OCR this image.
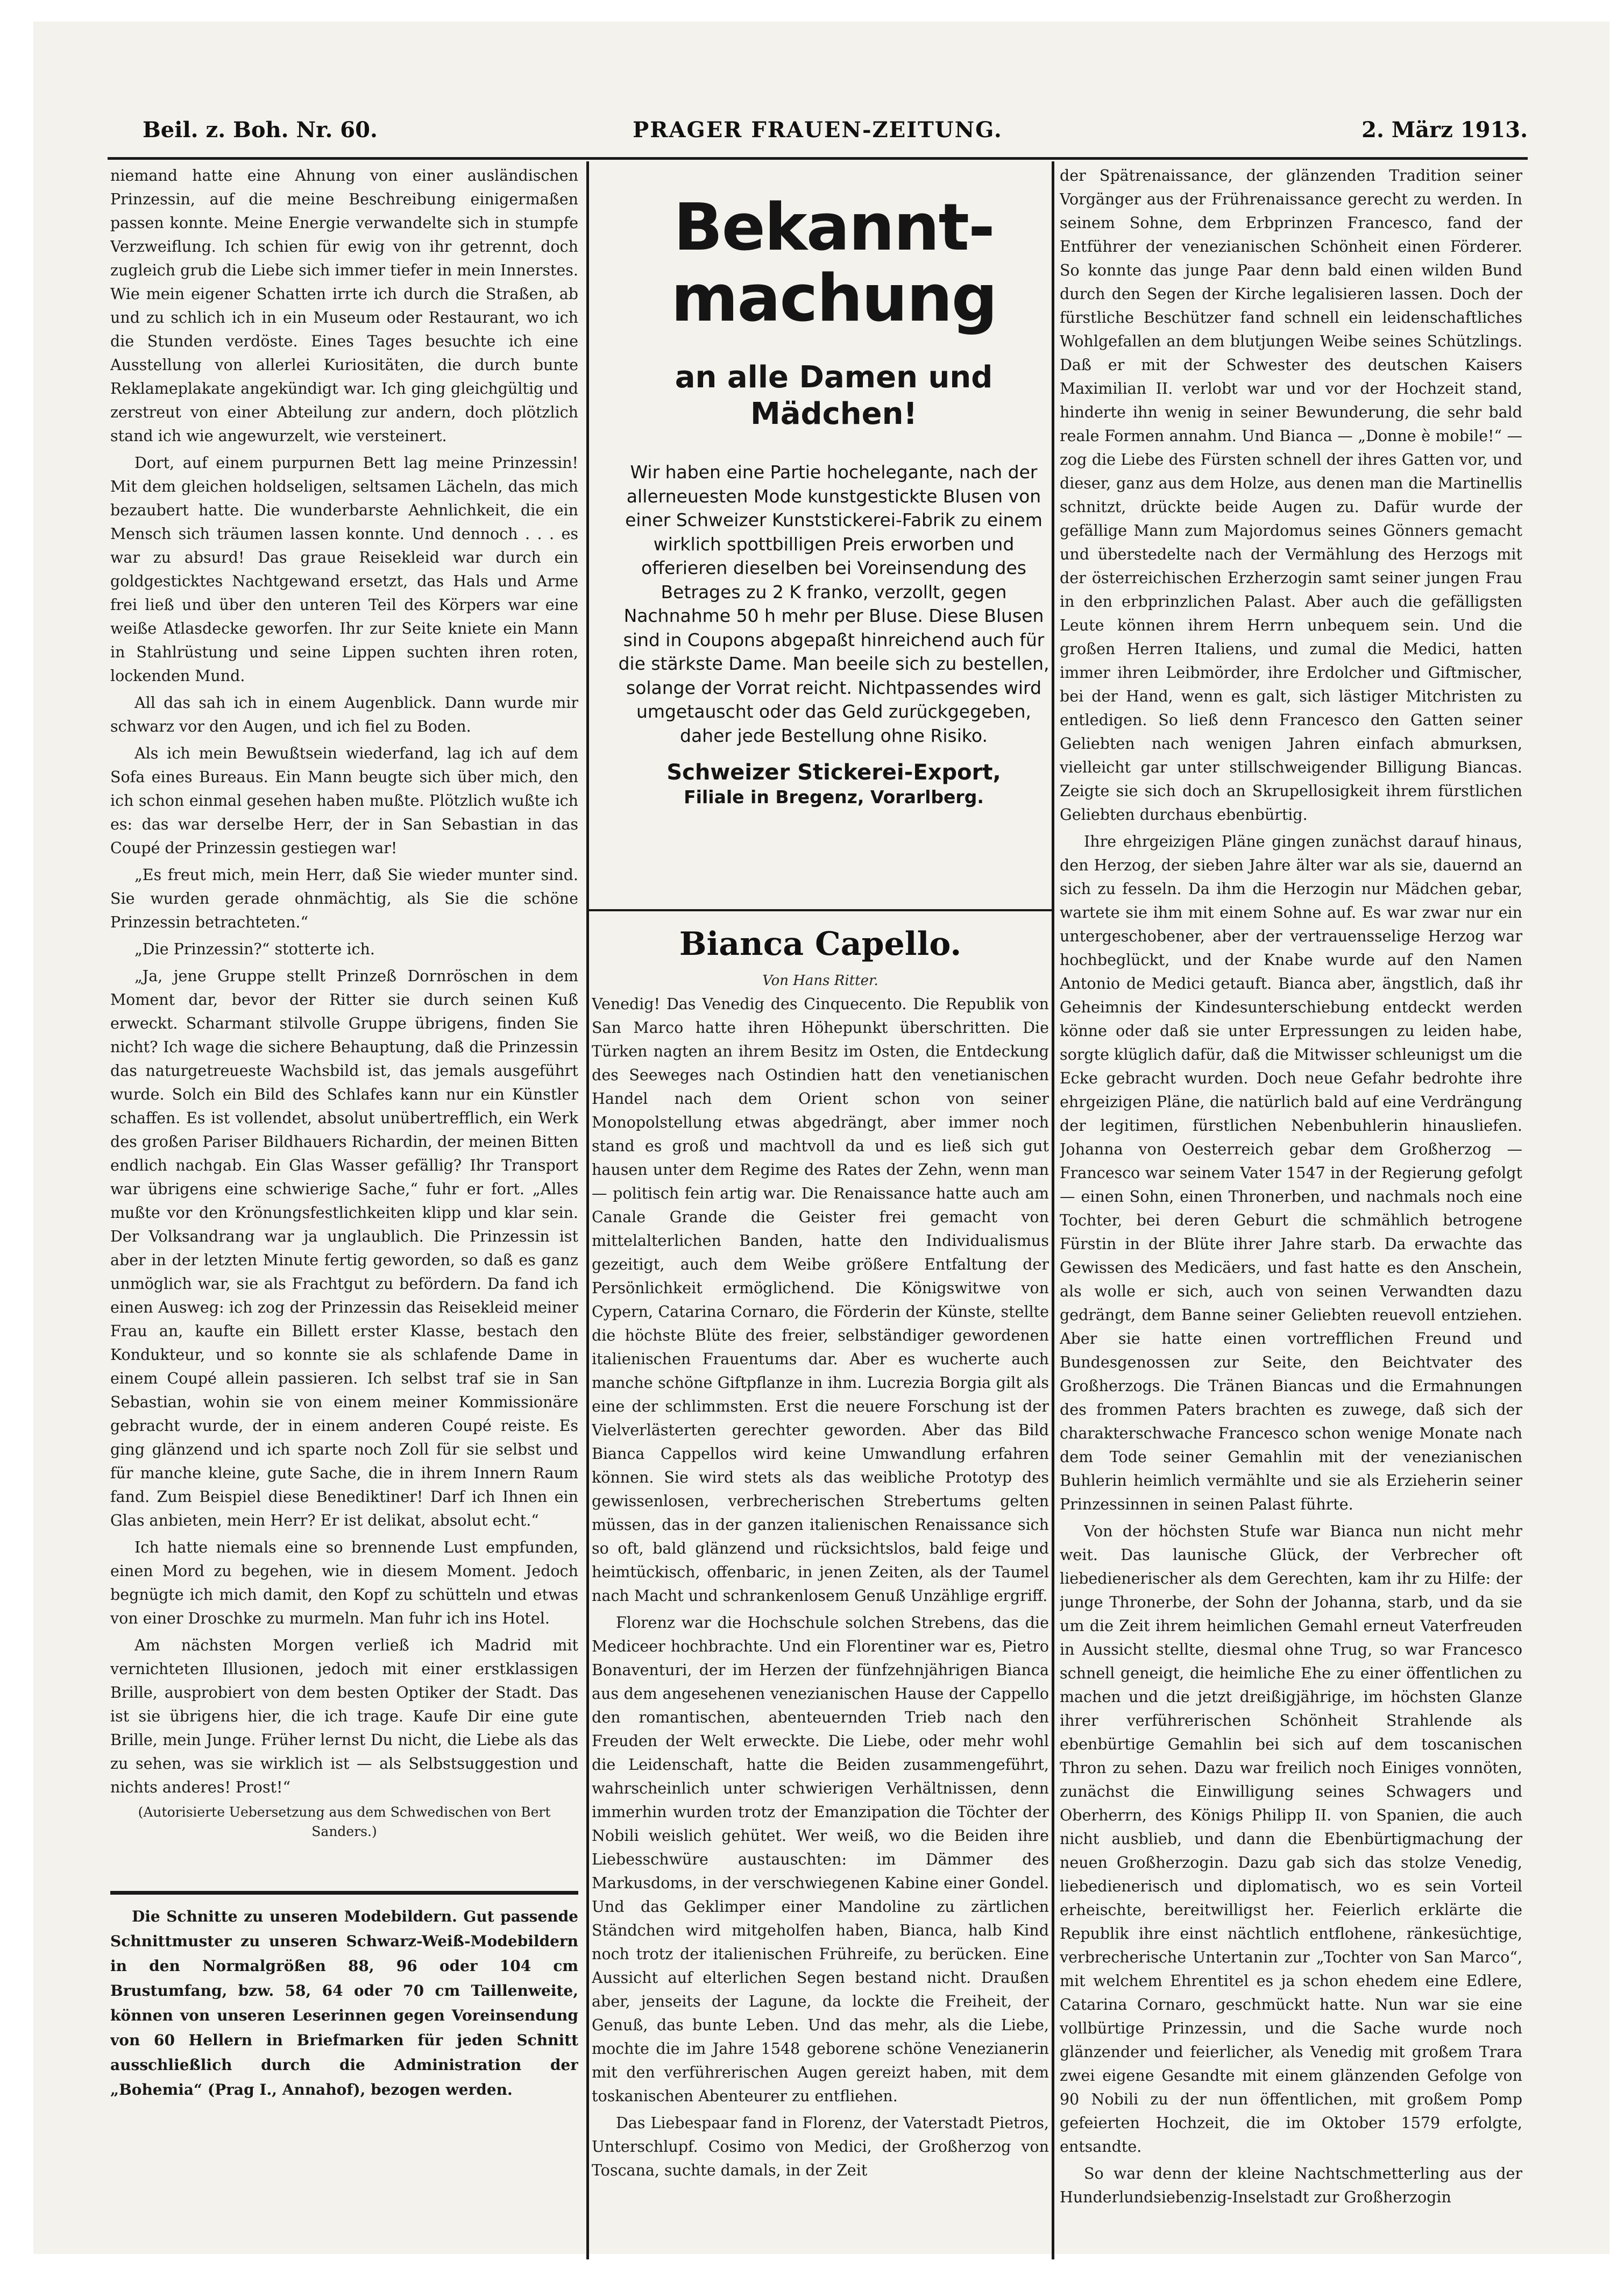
Beil. z. Boh. Nr. 60.	PRAGER FRAUEN-ZEITUNG.	2. März 1913.

niemand hatte eine Ahnung von einer ausländischen Prinzessin, auf die meine Beschreibung einigermaßen passen konnte. Meine Energie verwandelte sich in stumpfe Verzweiflung. Ich schien für ewig von ihr getrennt, doch zugleich grub die Liebe sich immer tiefer in mein Innerstes. Wie mein eigener Schatten irrte ich durch die Straßen, ab und zu schlich ich in ein Museum oder Restaurant, wo ich die Stunden verdöste. Eines Tages besuchte ich eine Ausstellung von allerlei Kuriositäten, die durch bunte Reklameplakate angekündigt war. Ich ging gleichgültig und zerstreut von einer Abteilung zur andern, doch plötzlich stand ich wie angewurzelt, wie versteinert.

Dort, auf einem purpurnen Bett lag meine Prinzessin! Mit dem gleichen holdseligen, seltsamen Lächeln, das mich bezaubert hatte. Die wunderbarste Aehnlichkeit, die ein Mensch sich träumen lassen konnte. Und dennoch . . . es war zu absurd! Das graue Reisekleid war durch ein goldgesticktes Nachtgewand ersetzt, das Hals und Arme frei ließ und über den unteren Teil des Körpers war eine weiße Atlasdecke geworfen. Ihr zur Seite kniete ein Mann in Stahlrüstung und seine Lippen suchten ihren roten, lockenden Mund.

All das sah ich in einem Augenblick. Dann wurde mir schwarz vor den Augen, und ich fiel zu Boden.

Als ich mein Bewußtsein wiederfand, lag ich auf dem Sofa eines Bureaus. Ein Mann beugte sich über mich, den ich schon einmal gesehen haben mußte. Plötzlich wußte ich es: das war derselbe Herr, der in San Sebastian in das Coupé der Prinzessin gestiegen war!

„Es freut mich, mein Herr, daß Sie wieder munter sind. Sie wurden gerade ohnmächtig, als Sie die schöne Prinzessin betrachteten.“

„Die Prinzessin?“ stotterte ich.

„Ja, jene Gruppe stellt Prinzeß Dornröschen in dem Moment dar, bevor der Ritter sie durch seinen Kuß erweckt. Scharmant stilvolle Gruppe übrigens, finden Sie nicht? Ich wage die sichere Behauptung, daß die Prinzessin das naturgetreueste Wachsbild ist, das jemals ausgeführt wurde. Solch ein Bild des Schlafes kann nur ein Künstler schaffen. Es ist vollendet, absolut unübertrefflich, ein Werk des großen Pariser Bildhauers Richardin, der meinen Bitten endlich nachgab. Ein Glas Wasser gefällig? Ihr Transport war übrigens eine schwierige Sache,“ fuhr er fort. „Alles mußte vor den Krönungsfestlichkeiten klipp und klar sein. Der Volksandrang war ja unglaublich. Die Prinzessin ist aber in der letzten Minute fertig geworden, so daß es ganz unmöglich war, sie als Frachtgut zu befördern. Da fand ich einen Ausweg: ich zog der Prinzessin das Reisekleid meiner Frau an, kaufte ein Billett erster Klasse, bestach den Kondukteur, und so konnte sie als schlafende Dame in einem Coupé allein passieren. Ich selbst traf sie in San Sebastian, wohin sie von einem meiner Kommissionäre gebracht wurde, der in einem anderen Coupé reiste. Es ging glänzend und ich sparte noch Zoll für sie selbst und für manche kleine, gute Sache, die in ihrem Innern Raum fand. Zum Beispiel diese Benediktiner! Darf ich Ihnen ein Glas anbieten, mein Herr? Er ist delikat, absolut echt.“

Ich hatte niemals eine so brennende Lust empfunden, einen Mord zu begehen, wie in diesem Moment. Jedoch begnügte ich mich damit, den Kopf zu schütteln und etwas von einer Droschke zu murmeln. Man fuhr ich ins Hotel.

Am nächsten Morgen verließ ich Madrid mit vernichteten Illusionen, jedoch mit einer erstklassigen Brille, ausprobiert von dem besten Optiker der Stadt. Das ist sie übrigens hier, die ich trage. Kaufe Dir eine gute Brille, mein Junge. Früher lernst Du nicht, die Liebe als das zu sehen, was sie wirklich ist — als Selbstsuggestion und nichts anderes! Prost!“

(Autorisierte Uebersetzung aus dem Schwedischen von Bert Sanders.)

Die Schnitte zu unseren Modebildern. Gut passende Schnittmuster zu unseren Schwarz-Weiß-Modebildern in den Normalgrößen 88, 96 oder 104 cm Brustumfang, bzw. 58, 64 oder 70 cm Taillenweite, können von unseren Leserinnen gegen Voreinsendung von 60 Hellern in Briefmarken für jeden Schnitt ausschließlich durch die Administration der „Bohemia“ (Prag I., Annahof), bezogen werden.

Bekannt-machung
an alle Damen und Mädchen!
Wir haben eine Partie hochelegante, nach der allerneuesten Mode kunstgestickte Blusen von einer Schweizer Kunststickerei-Fabrik zu einem wirklich spottbilligen Preis erworben und offerieren dieselben bei Voreinsendung des Betrages zu 2 K franko, verzollt, gegen Nachnahme 50 h mehr per Bluse. Diese Blusen sind in Coupons abgepaßt hinreichend auch für die stärkste Dame. Man beeile sich zu bestellen, solange der Vorrat reicht. Nichtpassendes wird umgetauscht oder das Geld zurückgegeben, daher jede Bestellung ohne Risiko.
Schweizer Stickerei-Export,
Filiale in Bregenz, Vorarlberg.
Bianca Capello.
Von Hans Ritter.

Venedig! Das Venedig des Cinquecento. Die Republik von San Marco hatte ihren Höhepunkt überschritten. Die Türken nagten an ihrem Besitz im Osten, die Entdeckung des Seeweges nach Ostindien hatt den venetianischen Handel nach dem Orient schon von seiner Monopolstellung etwas abgedrängt, aber immer noch stand es groß und machtvoll da und es ließ sich gut hausen unter dem Regime des Rates der Zehn, wenn man — politisch fein artig war. Die Renaissance hatte auch am Canale Grande die Geister frei gemacht von mittelalterlichen Banden, hatte den Individualismus gezeitigt, auch dem Weibe größere Entfaltung der Persönlichkeit ermöglichend. Die Königswitwe von Cypern, Catarina Cornaro, die Förderin der Künste, stellte die höchste Blüte des freier, selbständiger gewordenen italienischen Frauentums dar. Aber es wucherte auch manche schöne Giftpflanze in ihm. Lucrezia Borgia gilt als eine der schlimmsten. Erst die neuere Forschung ist der Vielverlästerten gerechter geworden. Aber das Bild Bianca Cappellos wird keine Umwandlung erfahren können. Sie wird stets als das weibliche Prototyp des gewissenlosen, verbrecherischen Strebertums gelten müssen, das in der ganzen italienischen Renaissance sich so oft, bald glänzend und rücksichtslos, bald feige und heimtückisch, offenbaric, in jenen Zeiten, als der Taumel nach Macht und schrankenlosem Genuß Unzählige ergriff.

Florenz war die Hochschule solchen Strebens, das die Mediceer hochbrachte. Und ein Florentiner war es, Pietro Bonaventuri, der im Herzen der fünfzehnjährigen Bianca aus dem angesehenen venezianischen Hause der Cappello den romantischen, abenteuernden Trieb nach den Freuden der Welt erweckte. Die Liebe, oder mehr wohl die Leidenschaft, hatte die Beiden zusammengeführt, wahrscheinlich unter schwierigen Verhältnissen, denn immerhin wurden trotz der Emanzipation die Töchter der Nobili weislich gehütet. Wer weiß, wo die Beiden ihre Liebesschwüre austauschten: im Dämmer des Markusdoms, in der verschwiegenen Kabine einer Gondel. Und das Geklimper einer Mandoline zu zärtlichen Ständchen wird mitgeholfen haben, Bianca, halb Kind noch trotz der italienischen Frühreife, zu berücken. Eine Aussicht auf elterlichen Segen bestand nicht. Draußen aber, jenseits der Lagune, da lockte die Freiheit, der Genuß, das bunte Leben. Und das mehr, als die Liebe, mochte die im Jahre 1548 geborene schöne Venezianerin mit den verführerischen Augen gereizt haben, mit dem toskanischen Abenteurer zu entfliehen.

Das Liebespaar fand in Florenz, der Vaterstadt Pietros, Unterschlupf. Cosimo von Medici, der Großherzog von Toscana, suchte damals, in der Zeit

der Spätrenaissance, der glänzenden Tradition seiner Vorgänger aus der Frührenaissance gerecht zu werden. In seinem Sohne, dem Erbprinzen Francesco, fand der Entführer der venezianischen Schönheit einen Förderer. So konnte das junge Paar denn bald einen wilden Bund durch den Segen der Kirche legalisieren lassen. Doch der fürstliche Beschützer fand schnell ein leidenschaftliches Wohlgefallen an dem blutjungen Weibe seines Schützlings. Daß er mit der Schwester des deutschen Kaisers Maximilian II. verlobt war und vor der Hochzeit stand, hinderte ihn wenig in seiner Bewunderung, die sehr bald reale Formen annahm. Und Bianca — „Donne è mobile!“ — zog die Liebe des Fürsten schnell der ihres Gatten vor, und dieser, ganz aus dem Holze, aus denen man die Martinellis schnitzt, drückte beide Augen zu. Dafür wurde der gefällige Mann zum Majordomus seines Gönners gemacht und überstedelte nach der Vermählung des Herzogs mit der österreichischen Erzherzogin samt seiner jungen Frau in den erbprinzlichen Palast. Aber auch die gefälligsten Leute können ihrem Herrn unbequem sein. Und die großen Herren Italiens, und zumal die Medici, hatten immer ihren Leibmörder, ihre Erdolcher und Giftmischer, bei der Hand, wenn es galt, sich lästiger Mitchristen zu entledigen. So ließ denn Francesco den Gatten seiner Geliebten nach wenigen Jahren einfach abmurksen, vielleicht gar unter stillschweigender Billigung Biancas. Zeigte sie sich doch an Skrupellosigkeit ihrem fürstlichen Geliebten durchaus ebenbürtig.

Ihre ehrgeizigen Pläne gingen zunächst darauf hinaus, den Herzog, der sieben Jahre älter war als sie, dauernd an sich zu fesseln. Da ihm die Herzogin nur Mädchen gebar, wartete sie ihm mit einem Sohne auf. Es war zwar nur ein untergeschobener, aber der vertrauensselige Herzog war hochbeglückt, und der Knabe wurde auf den Namen Antonio de Medici getauft. Bianca aber, ängstlich, daß ihr Geheimnis der Kindesunterschiebung entdeckt werden könne oder daß sie unter Erpressungen zu leiden habe, sorgte klüglich dafür, daß die Mitwisser schleunigst um die Ecke gebracht wurden. Doch neue Gefahr bedrohte ihre ehrgeizigen Pläne, die natürlich bald auf eine Verdrängung der legitimen, fürstlichen Nebenbuhlerin hinausliefen. Johanna von Oesterreich gebar dem Großherzog — Francesco war seinem Vater 1547 in der Regierung gefolgt — einen Sohn, einen Thronerben, und nachmals noch eine Tochter, bei deren Geburt die schmählich betrogene Fürstin in der Blüte ihrer Jahre starb. Da erwachte das Gewissen des Medicäers, und fast hatte es den Anschein, als wolle er sich, auch von seinen Verwandten dazu gedrängt, dem Banne seiner Geliebten reuevoll entziehen. Aber sie hatte einen vortrefflichen Freund und Bundesgenossen zur Seite, den Beichtvater des Großherzogs. Die Tränen Biancas und die Ermahnungen des frommen Paters brachten es zuwege, daß sich der charakterschwache Francesco schon wenige Monate nach dem Tode seiner Gemahlin mit der venezianischen Buhlerin heimlich vermählte und sie als Erzieherin seiner Prinzessinnen in seinen Palast führte.

Von der höchsten Stufe war Bianca nun nicht mehr weit. Das launische Glück, der Verbrecher oft liebedienerischer als dem Gerechten, kam ihr zu Hilfe: der junge Thronerbe, der Sohn der Johanna, starb, und da sie um die Zeit ihrem heimlichen Gemahl erneut Vaterfreuden in Aussicht stellte, diesmal ohne Trug, so war Francesco schnell geneigt, die heimliche Ehe zu einer öffentlichen zu machen und die jetzt dreißigjährige, im höchsten Glanze ihrer verführerischen Schönheit Strahlende als ebenbürtige Gemahlin bei sich auf dem toscanischen Thron zu sehen. Dazu war freilich noch Einiges vonnöten, zunächst die Einwilligung seines Schwagers und Oberherrn, des Königs Philipp II. von Spanien, die auch nicht ausblieb, und dann die Ebenbürtigmachung der neuen Großherzogin. Dazu gab sich das stolze Venedig, liebedienerisch und diplomatisch, wo es sein Vorteil erheischte, bereitwilligst her. Feierlich erklärte die Republik ihre einst nächtlich entflohene, ränkesüchtige, verbrecherische Untertanin zur „Tochter von San Marco“, mit welchem Ehrentitel es ja schon ehedem eine Edlere, Catarina Cornaro, geschmückt hatte. Nun war sie eine vollbürtige Prinzessin, und die Sache wurde noch glänzender und feierlicher, als Venedig mit großem Trara zwei eigene Gesandte mit einem glänzenden Gefolge von 90 Nobili zu der nun öffentlichen, mit großem Pomp gefeierten Hochzeit, die im Oktober 1579 erfolgte, entsandte.

So war denn der kleine Nachtschmetterling aus der Hunderlundsiebenzig-Inselstadt zur Großherzogin
